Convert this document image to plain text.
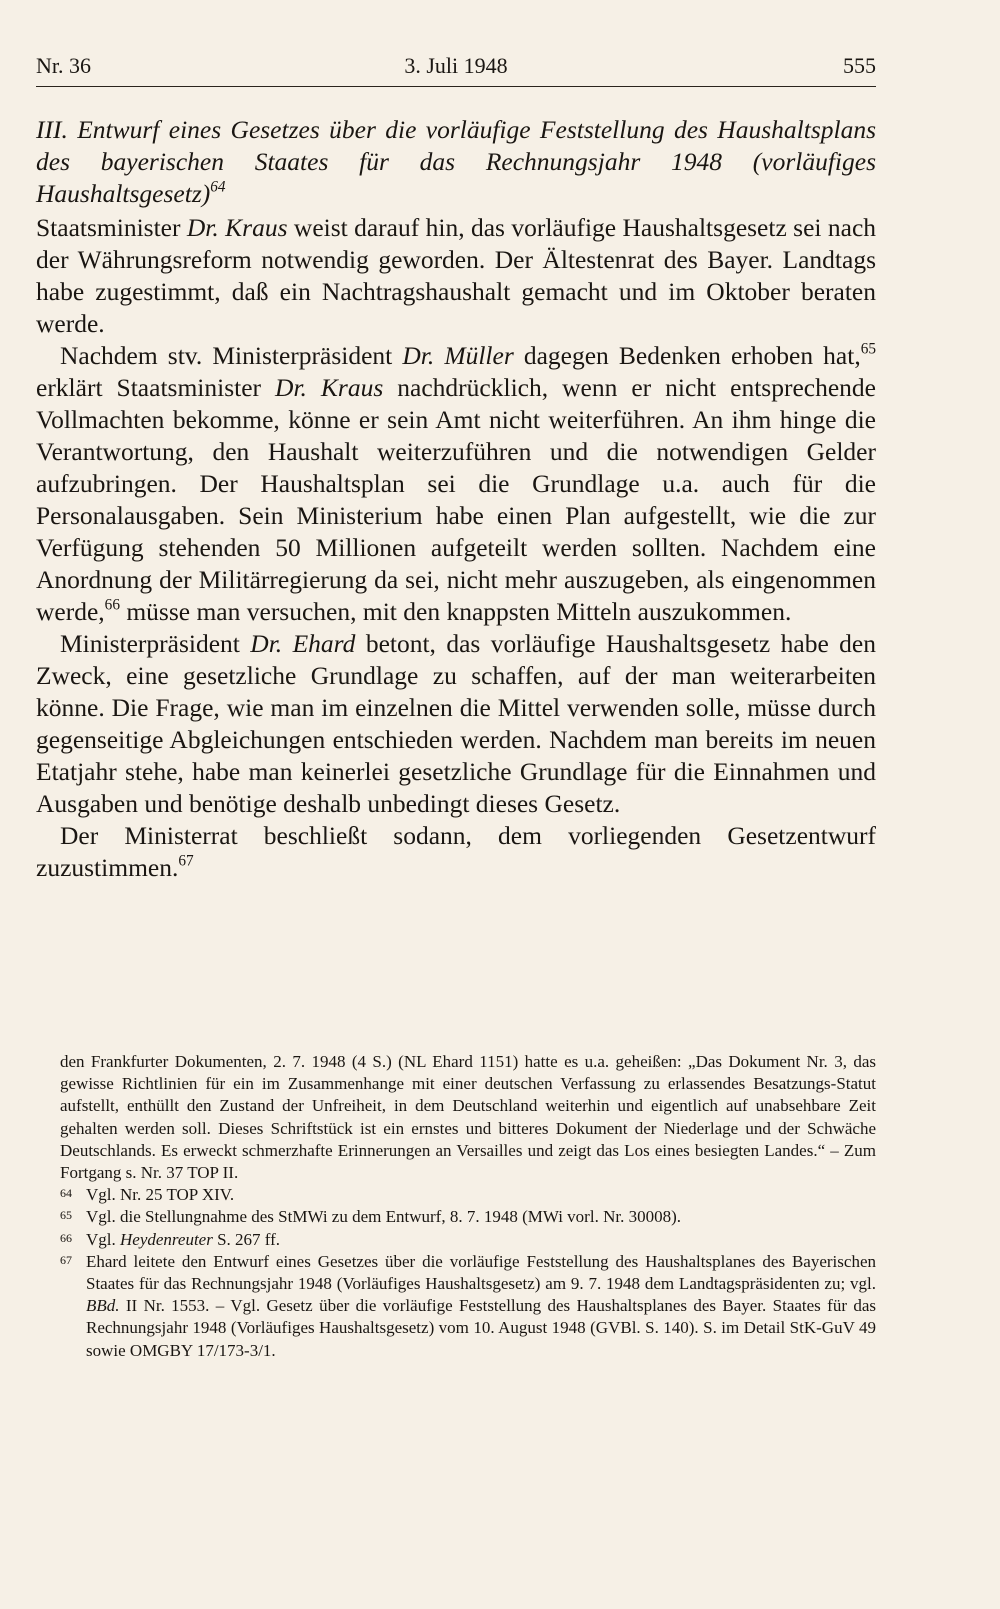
Nr. 36	3. Juli 1948	555

III. Entwurf eines Gesetzes über die vorläufige Feststellung des Haushaltsplans des bayerischen Staates für das Rechnungsjahr 1948 (vorläufiges Haushaltsgesetz)$^{64}$

Staatsminister Dr. Kraus weist darauf hin, das vorläufige Haushaltsgesetz sei nach der Währungsreform notwendig geworden. Der Ältestenrat des Bayer. Landtags habe zugestimmt, daß ein Nachtragshaushalt gemacht und im Oktober beraten werde.

Nachdem stv. Ministerpräsident Dr. Müller dagegen Bedenken erhoben hat,$^{65}$ erklärt Staatsminister Dr. Kraus nachdrücklich, wenn er nicht entsprechende Vollmachten bekomme, könne er sein Amt nicht weiterführen. An ihm hinge die Verantwortung, den Haushalt weiterzuführen und die notwendigen Gelder aufzubringen. Der Haushaltsplan sei die Grundlage u.a. auch für die Personalausgaben. Sein Ministerium habe einen Plan aufgestellt, wie die zur Verfügung stehenden 50 Millionen aufgeteilt werden sollten. Nachdem eine Anordnung der Militärregierung da sei, nicht mehr auszugeben, als eingenommen werde,$^{66}$ müsse man versuchen, mit den knappsten Mitteln auszukommen.

Ministerpräsident Dr. Ehard betont, das vorläufige Haushaltsgesetz habe den Zweck, eine gesetzliche Grundlage zu schaffen, auf der man weiterarbeiten könne. Die Frage, wie man im einzelnen die Mittel verwenden solle, müsse durch gegenseitige Abgleichungen entschieden werden. Nachdem man bereits im neuen Etatjahr stehe, habe man keinerlei gesetzliche Grundlage für die Einnahmen und Ausgaben und benötige deshalb unbedingt dieses Gesetz.

Der Ministerrat beschließt sodann, dem vorliegenden Gesetzentwurf zuzustimmen.$^{67}$

den Frankfurter Dokumenten, 2. 7. 1948 (4 S.) (NL Ehard 1151) hatte es u.a. geheißen: „Das Dokument Nr. 3, das gewisse Richtlinien für ein im Zusammenhange mit einer deutschen Verfassung zu erlassendes Besatzungs-Statut aufstellt, enthüllt den Zustand der Unfreiheit, in dem Deutschland weiterhin und eigentlich auf unabsehbare Zeit gehalten werden soll. Dieses Schriftstück ist ein ernstes und bitteres Dokument der Niederlage und der Schwäche Deutschlands. Es erweckt schmerzhafte Erinnerungen an Versailles und zeigt das Los eines besiegten Landes.“ – Zum Fortgang s. Nr. 37 TOP II.

64 Vgl. Nr. 25 TOP XIV.

65 Vgl. die Stellungnahme des StMWi zu dem Entwurf, 8. 7. 1948 (MWi vorl. Nr. 30008).

66 Vgl. Heydenreuter S. 267 ff.

67 Ehard leitete den Entwurf eines Gesetzes über die vorläufige Feststellung des Haushaltsplanes des Bayerischen Staates für das Rechnungsjahr 1948 (Vorläufiges Haushaltsgesetz) am 9. 7. 1948 dem Landtagspräsidenten zu; vgl. BBd. II Nr. 1553. – Vgl. Gesetz über die vorläufige Feststellung des Haushaltsplanes des Bayer. Staates für das Rechnungsjahr 1948 (Vorläufiges Haushaltsgesetz) vom 10. August 1948 (GVBl. S. 140). S. im Detail StK-GuV 49 sowie OMGBY 17/173-3/1.
